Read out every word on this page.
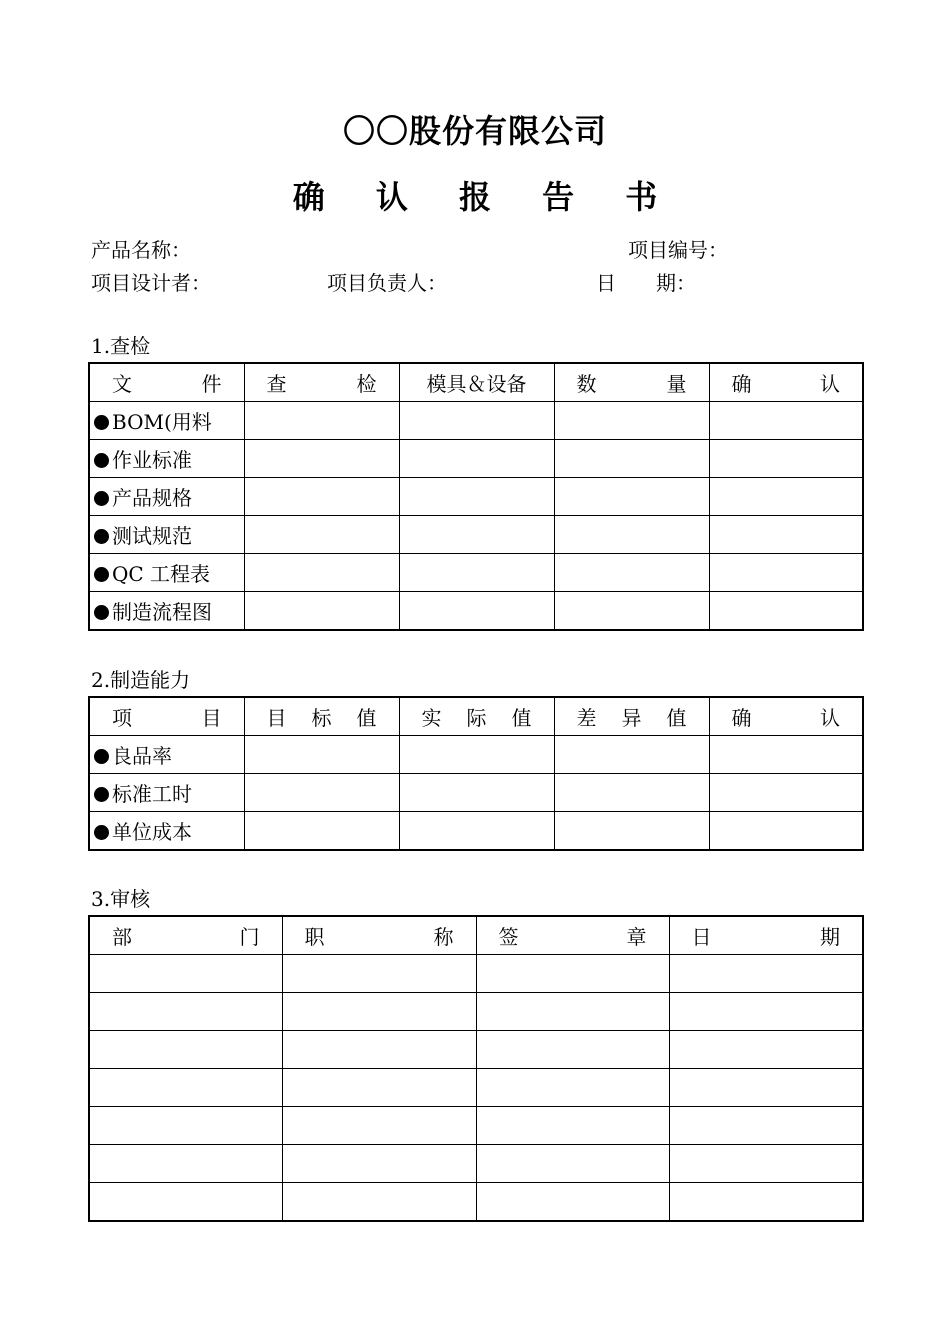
〇〇股份有限公司
确 认 报 告 书
产品名称：	项目编号：
项目设计者：	项目负责人：	日　　期：
1.查检
文 件	查 检	模具＆设备	数 量	确 认

BOM(用料				

作业标准				

产品规格				

测试规范				

QC 工程表				

制造流程图				

2.制造能力
项 目	目 标 值	实 际 值	差 异 值	确 认

良品率				

标准工时				

单位成本				

3.审核
部 门	职 称	签 章	日 期
